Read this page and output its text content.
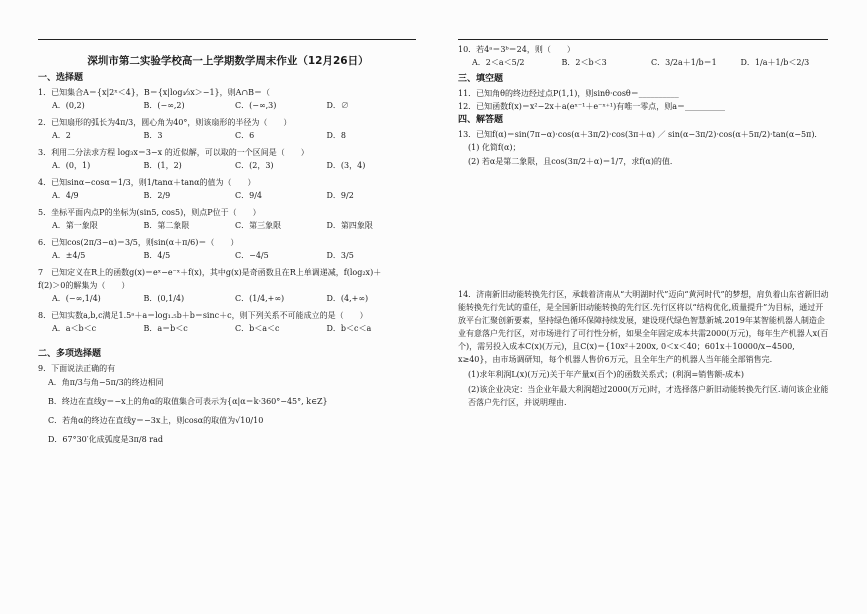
深圳市第二实验学校高一上学期数学周末作业（12月26日）
一、选择题
1．已知集合A＝{x|2ˣ＜4}，B＝{x|log₁⁄₃x＞−1}，则A∩B＝（
A．(0,2)	B．(−∞,2)	C．(−∞,3)	D．∅
2．已知扇形的弧长为4π/3，圆心角为40°，则该扇形的半径为（　　）
A．2	B．3	C．6	D．8
3．利用二分法求方程 log₃x＝3−x 的近似解，可以取的一个区间是（　　）
A．(0，1)	B．(1，2)	C．(2，3)	D．(3，4)
4．已知sinα−cosα＝1/3，则1/tanα＋tanα的值为（　　）
A．4/9	B．2/9	C．9/4	D．9/2
5．坐标平面内点P的坐标为(sin5, cos5)，则点P位于（　　）
A．第一象限	B．第二象限	C．第三象限	D．第四象限
6．已知cos(2π/3−α)＝3/5，则sin(α＋π/6)＝（　　）
A．±4/5	B．4/5	C．−4/5	D．3/5
7　已知定义在R上的函数g(x)＝eˣ−e⁻ˣ＋f(x)，其中g(x)是奇函数且在R上单调递减，f(log₂x)＋
f(2)＞0的解集为（　　）
A．(−∞,1/4)	B．(0,1/4)	C．(1/4,+∞)	D．(4,+∞)
8．已知实数a,b,c满足1.5ᵃ＋a＝log₁.₅b＋b＝sinc＋c，则下列关系不可能成立的是（　　）
A．a＜b＜c	B．a＝b＜c	C．b＜a＜c	D．b＜c＜a
二、多项选择题
9．下面说法正确的有
A．角π/3与角−5π/3的终边相同
B．终边在直线y＝−x上的角α的取值集合可表示为{α|α＝k·360°−45°, k∈Z}
C．若角α的终边在直线y＝−3x上，则cosα的取值为√10/10
D．67°30′化成弧度是3π/8 rad
10．若4ᵃ＝3ᵇ＝24，则（　　）
A．2＜a＜5/2	B．2＜b＜3	C．3/2a＋1/b＝1	D．1/a＋1/b＜2/3
三、填空题
11．已知角θ的终边经过点P(1,1)，则sinθ·cosθ＝__________
12．已知函数f(x)＝x²−2x＋a(eˣ⁻¹＋e⁻ˣ⁺¹)有唯一零点，则a＝__________
四、解答题
13．已知f(α)＝sin(7π−α)·cos(α＋3π/2)·cos(3π＋α) ／ sin(α−3π/2)·cos(α＋5π/2)·tan(α−5π)．
(1) 化简f(α)；
(2) 若α是第二象限，且cos(3π/2＋α)＝1/7，求f(α)的值．
14．济南新旧动能转换先行区，承载着济南从“大明湖时代”迈向“黄河时代”的梦想，肩负着山东省新旧动能转换先行先试的重任，是全国新旧动能转换的先行区.先行区将以“结构优化,质量提升”为目标，通过开放平台汇聚创新要素，坚持绿色循环保障持续发展，建设现代绿色智慧新城.2019年某智能机器人制造企业有意落户先行区，对市场进行了可行性分析，如果全年固定成本共需2000(万元)，每年生产机器人x(百个)，需另投入成本C(x)(万元)，且C(x)＝{10x²＋200x, 0＜x＜40；601x＋10000/x−4500, x≥40}，由市场调研知，每个机器人售价6万元，且全年生产的机器人当年能全部销售完.
(1)求年利润L(x)(万元)关于年产量x(百个)的函数关系式；(利润=销售额-成本)
(2)该企业决定：当企业年最大利润超过2000(万元)时，才选择落户新旧动能转换先行区.请问该企业能否落户先行区，并说明理由.
